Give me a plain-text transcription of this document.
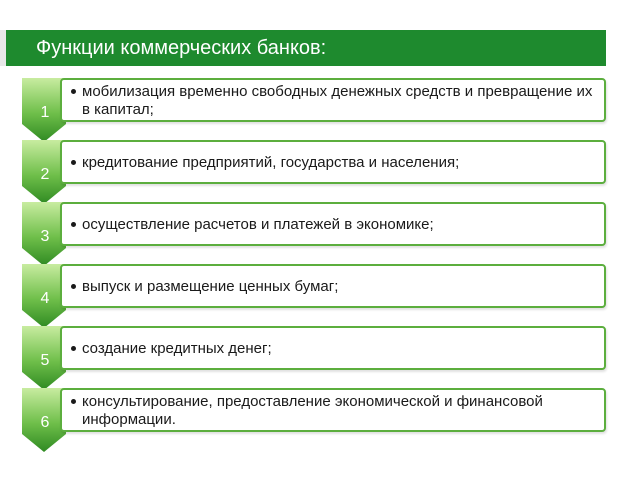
Функции коммерческих банков:
1
мобилизация временно свободных денежных средств и превращение их в капитал;
2
кредитование предприятий, государства и населения;
3
осуществление расчетов и платежей в экономике;
4
выпуск и размещение ценных бумаг;
5
создание кредитных денег;
6
консультирование, предоставление экономической и финансовой информации.
